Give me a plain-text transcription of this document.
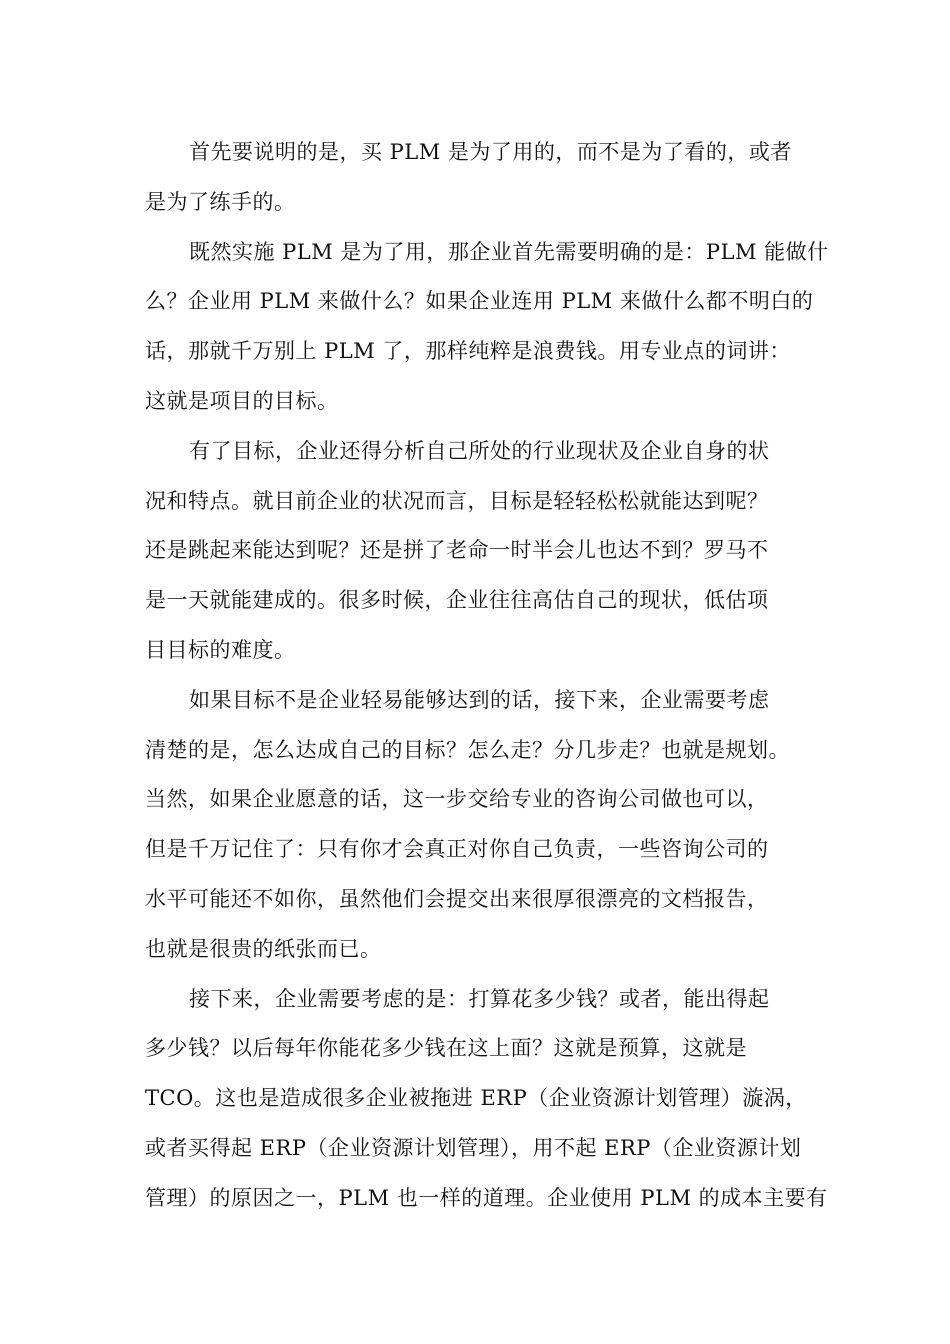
首先要说明的是，买 PLM 是为了用的，而不是为了看的，或者
是为了练手的。
既然实施 PLM 是为了用，那企业首先需要明确的是：PLM 能做什
么？企业用 PLM 来做什么？如果企业连用 PLM 来做什么都不明白的
话，那就千万别上 PLM 了，那样纯粹是浪费钱。用专业点的词讲：
这就是项目的目标。
有了目标，企业还得分析自己所处的行业现状及企业自身的状
况和特点。就目前企业的状况而言，目标是轻轻松松就能达到呢？
还是跳起来能达到呢？还是拼了老命一时半会儿也达不到？罗马不
是一天就能建成的。很多时候，企业往往高估自己的现状，低估项
目目标的难度。
如果目标不是企业轻易能够达到的话，接下来，企业需要考虑
清楚的是，怎么达成自己的目标？怎么走？分几步走？也就是规划。
当然，如果企业愿意的话，这一步交给专业的咨询公司做也可以，
但是千万记住了：只有你才会真正对你自己负责，一些咨询公司的
水平可能还不如你，虽然他们会提交出来很厚很漂亮的文档报告，
也就是很贵的纸张而已。
接下来，企业需要考虑的是：打算花多少钱？或者，能出得起
多少钱？以后每年你能花多少钱在这上面？这就是预算，这就是
TCO。这也是造成很多企业被拖进 ERP（企业资源计划管理）漩涡，
或者买得起 ERP（企业资源计划管理），用不起 ERP（企业资源计划
管理）的原因之一，PLM 也一样的道理。企业使用 PLM 的成本主要有
